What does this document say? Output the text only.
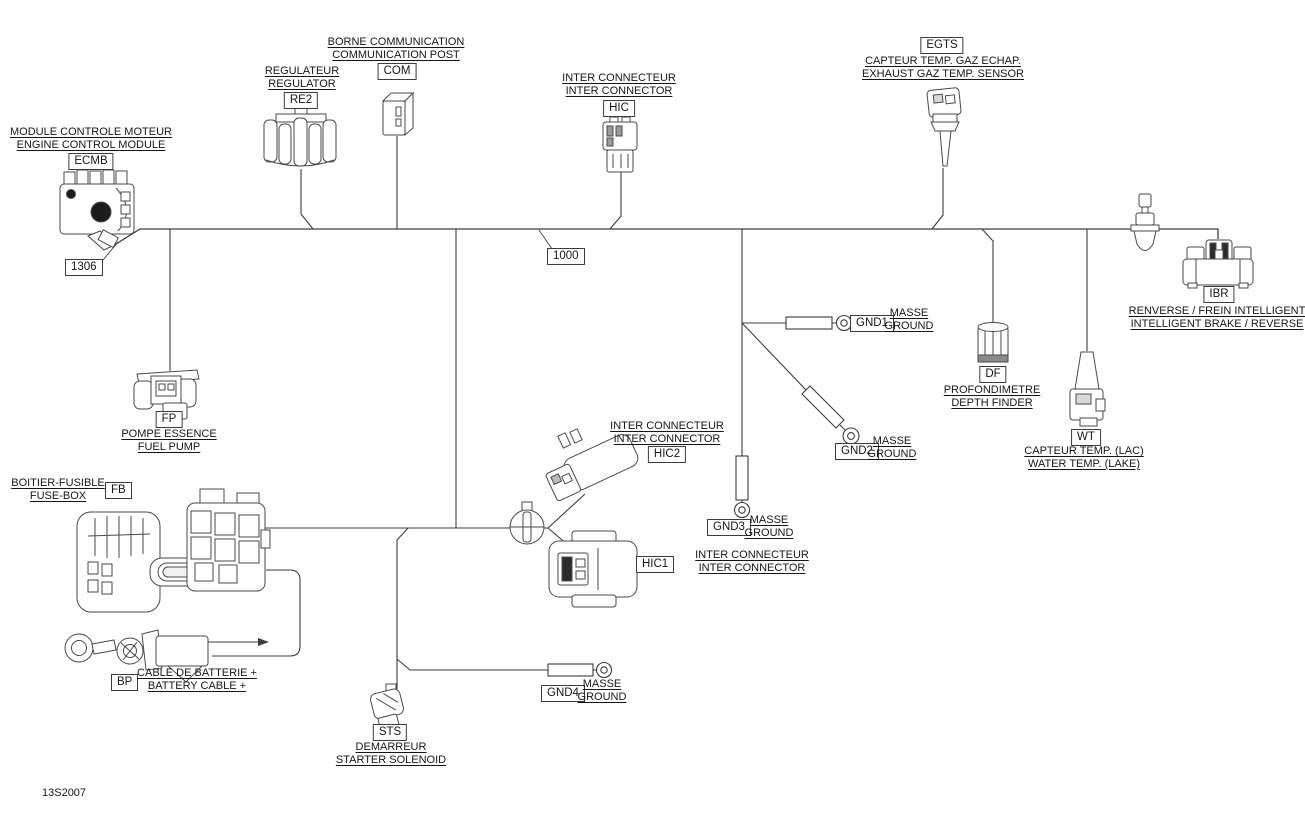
MODULE CONTROLE MOTEUR
ENGINE CONTROL MODULE
ECMB
1306
REGULATEUR
REGULATOR
RE2
BORNE COMMUNICATION
COMMUNICATION POST
COM
INTER CONNECTEUR
INTER CONNECTOR
HIC
EGTS
CAPTEUR TEMP. GAZ ECHAP.
EXHAUST GAZ TEMP. SENSOR
IBR
RENVERSE / FREIN INTELLIGENT
INTELLIGENT BRAKE / REVERSE
DF
PROFONDIMETRE
DEPTH FINDER
WT
CAPTEUR TEMP. (LAC)
WATER TEMP. (LAKE)
FP
POMPE ESSENCE
FUEL PUMP
BOITIER-FUSIBLE
FUSE-BOX	FB
BP
CABLE DE BATTERIE +
BATTERY CABLE +
STS
DEMARREUR
STARTER SOLENOID
INTER CONNECTEUR
INTER CONNECTOR
HIC2
HIC1
INTER CONNECTEUR
INTER CONNECTOR
GND1
MASSE
GROUND
GND2
MASSE
GROUND
GND3
MASSE
GROUND
GND4
MASSE
GROUND
1000
13S2007
